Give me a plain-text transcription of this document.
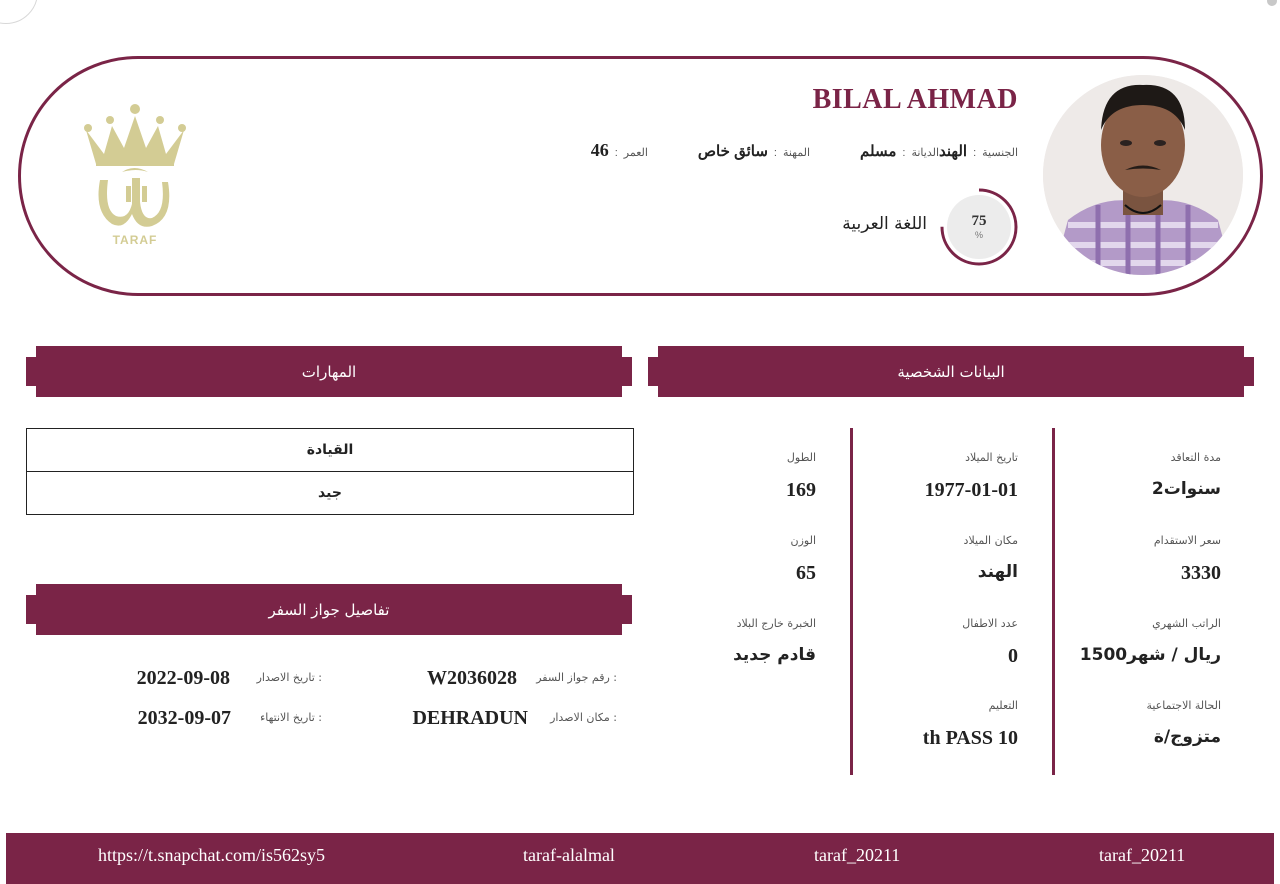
BILAL AHMAD
الجنسية
:
الهند
الديانة
:
مسلم
المهنة
:
سائق خاص
العمر
:
46
75
%
اللغة العربية
TARAF
المهارات	البيانات الشخصية
القيادة
جيد
تفاصيل جواز السفر
رقم جواز السفر :
W2036028
مكان الاصدار :
DEHRADUN
تاريخ الاصدار :
2022-09-08
تاريخ الانتهاء :
2032-09-07
مدة التعاقد
2سنوات
سعر الاستقدام
3330
الراتب الشهري
1500ريال / شهر
الحالة الاجتماعية
متزوج/ة
تاريخ الميلاد
1977-01-01
مكان الميلاد
الهند
عدد الاطفال
0
التعليم
th PASS 10
الطول
169
الوزن
65
الخبرة خارج البلاد
قادم جديد
https://t.snapchat.com/is562sy5	taraf-alalmal	taraf_20211	taraf_20211
